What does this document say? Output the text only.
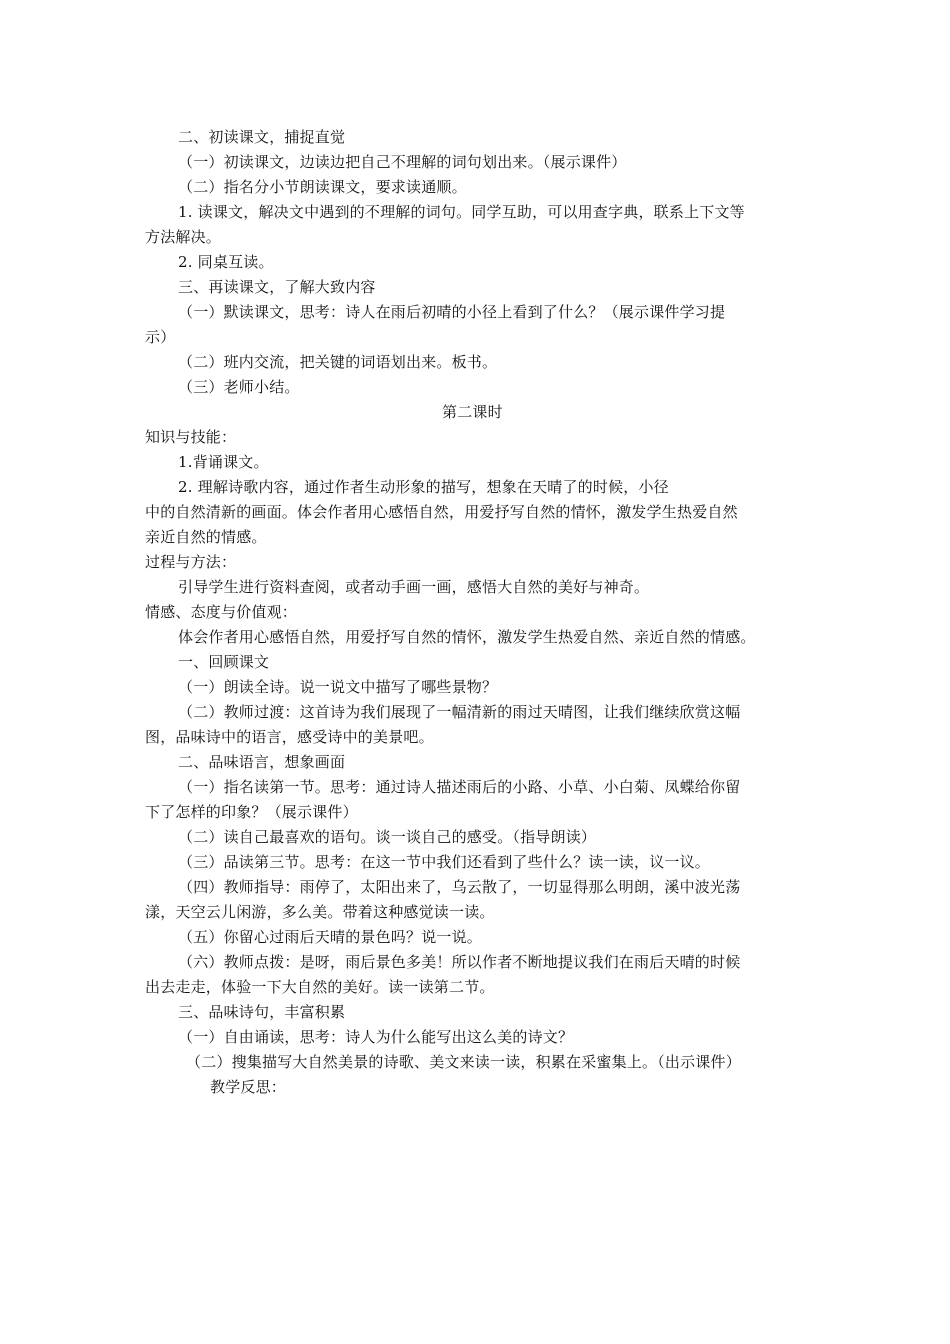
二、初读课文，捕捉直觉
（一）初读课文，边读边把自己不理解的词句划出来。（展示课件）
（二）指名分小节朗读课文，要求读通顺。
1. 读课文，解决文中遇到的不理解的词句。同学互助，可以用查字典，联系上下文等
方法解决。
2. 同桌互读。
三、再读课文，了解大致内容
（一）默读课文，思考：诗人在雨后初晴的小径上看到了什么？（展示课件学习提
示）
（二）班内交流，把关键的词语划出来。板书。
（三）老师小结。
第二课时
知识与技能：
1.背诵课文。
2. 理解诗歌内容，通过作者生动形象的描写，想象在天晴了的时候，小径
中的自然清新的画面。体会作者用心感悟自然，用爱抒写自然的情怀，激发学生热爱自然
亲近自然的情感。
过程与方法：
引导学生进行资料查阅，或者动手画一画，感悟大自然的美好与神奇。
情感、态度与价值观：
体会作者用心感悟自然，用爱抒写自然的情怀，激发学生热爱自然、亲近自然的情感。
一、回顾课文
（一）朗读全诗。说一说文中描写了哪些景物？
（二）教师过渡：这首诗为我们展现了一幅清新的雨过天晴图，让我们继续欣赏这幅
图，品味诗中的语言，感受诗中的美景吧。
二、品味语言，想象画面
（一）指名读第一节。思考：通过诗人描述雨后的小路、小草、小白菊、凤蝶给你留
下了怎样的印象？（展示课件）
（二）读自己最喜欢的语句。谈一谈自己的感受。（指导朗读）
（三）品读第三节。思考：在这一节中我们还看到了些什么？读一读，议一议。
（四）教师指导：雨停了，太阳出来了，乌云散了，一切显得那么明朗，溪中波光荡
漾，天空云儿闲游，多么美。带着这种感觉读一读。
（五）你留心过雨后天晴的景色吗？说一说。
（六）教师点拨：是呀，雨后景色多美！所以作者不断地提议我们在雨后天晴的时候
出去走走，体验一下大自然的美好。读一读第二节。
三、品味诗句，丰富积累
（一）自由诵读，思考：诗人为什么能写出这么美的诗文？
（二）搜集描写大自然美景的诗歌、美文来读一读，积累在采蜜集上。（出示课件）
教学反思：
